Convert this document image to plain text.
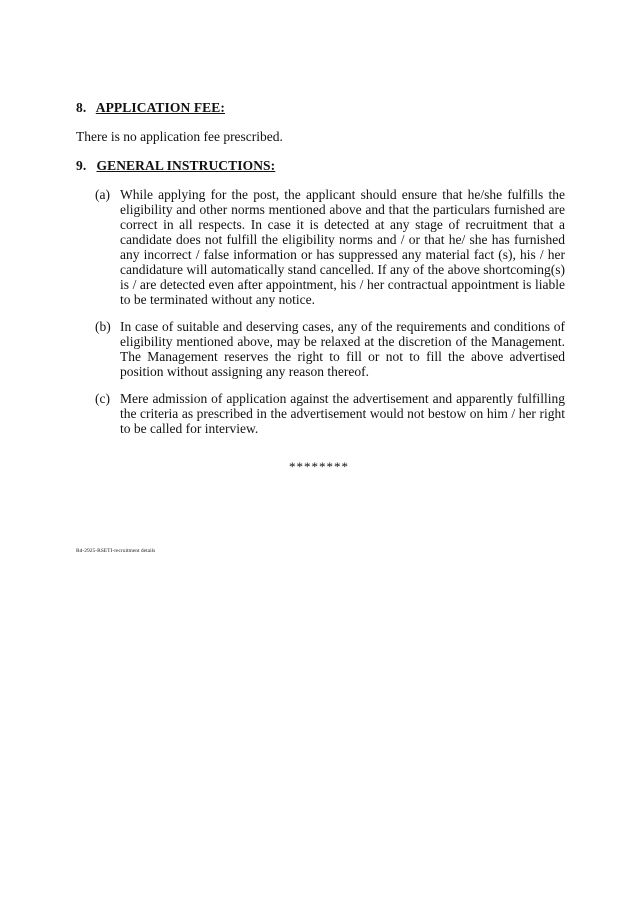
8. APPLICATION FEE:
There is no application fee prescribed.
9. GENERAL INSTRUCTIONS:
(a) While applying for the post, the applicant should ensure that he/she fulfills the eligibility and other norms mentioned above and that the particulars furnished are correct in all respects. In case it is detected at any stage of recruitment that a candidate does not fulfill the eligibility norms and / or that he/ she has furnished any incorrect / false information or has suppressed any material fact (s), his / her candidature will automatically stand cancelled. If any of the above shortcoming(s) is / are detected even after appointment, his / her contractual appointment is liable to be terminated without any notice.
(b) In case of suitable and deserving cases, any of the requirements and conditions of eligibility mentioned above, may be relaxed at the discretion of the Management. The Management reserves the right to fill or not to fill the above advertised position without assigning any reason thereof.
(c) Mere admission of application against the advertisement and apparently fulfilling the criteria as prescribed in the advertisement would not bestow on him / her right to be called for interview.
********
Rd-2925-RSETI-recruitment details
